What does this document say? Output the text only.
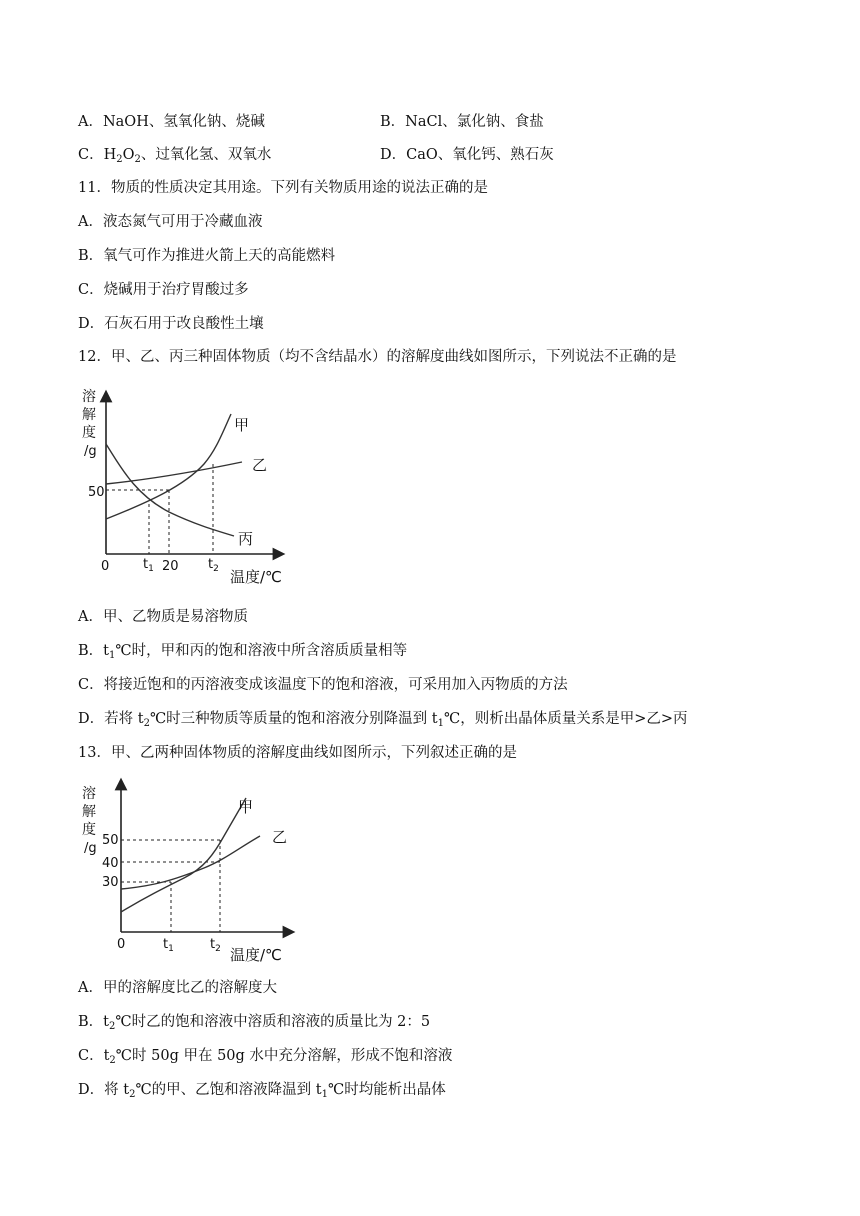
A．NaOH、氢氧化钠、烧碱	B．NaCl、氯化钠、食盐
C．$H_2O_2$、过氧化氢、双氧水	D．CaO、氧化钙、熟石灰
11．物质的性质决定其用途。下列有关物质用途的说法正确的是
A．液态氮气可用于冷藏血液
B．氧气可作为推进火箭上天的高能燃料
C．烧碱用于治疗胃酸过多
D．石灰石用于改良酸性土壤
12．甲、乙、丙三种固体物质（均不含结晶水）的溶解度曲线如图所示，下列说法不正确的是
溶
解
度
/g
50
0	$t_1$ 20 $t_2$ 温度/℃
甲
乙
丙
A．甲、乙物质是易溶物质
B．$t_1℃$时，甲和丙的饱和溶液中所含溶质质量相等
C．将接近饱和的丙溶液变成该温度下的饱和溶液，可采用加入丙物质的方法
D．若将 $t_2℃$时三种物质等质量的饱和溶液分别降温到 $t_1℃$，则析出晶体质量关系是甲>乙>丙
13．甲、乙两种固体物质的溶解度曲线如图所示，下列叙述正确的是
溶
解
度
/g
50
40
30
0	$t_1$	$t_2$ 温度/℃
甲
乙
A．甲的溶解度比乙的溶解度大
B．$t_2℃$时乙的饱和溶液中溶质和溶液的质量比为 2：5
C．$t_2℃$时 50g 甲在 50g 水中充分溶解，形成不饱和溶液
D．将 $t_2℃$的甲、乙饱和溶液降温到 $t_1℃$时均能析出晶体
